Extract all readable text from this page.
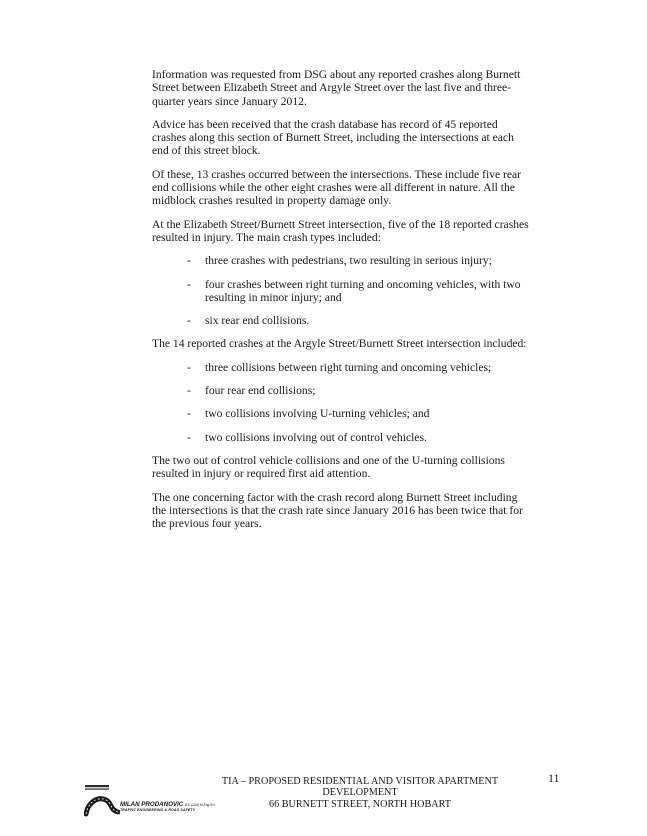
Information was requested from DSG about any reported crashes along Burnett Street between Elizabeth Street and Argyle Street over the last five and three-quarter years since January 2012.

Advice has been received that the crash database has record of 45 reported crashes along this section of Burnett Street, including the intersections at each end of this street block.

Of these, 13 crashes occurred between the intersections. These include five rear end collisions while the other eight crashes were all different in nature. All the midblock crashes resulted in property damage only.

At the Elizabeth Street/Burnett Street intersection, five of the 18 reported crashes resulted in injury. The main crash types included:

- three crashes with pedestrians, two resulting in serious injury;
- four crashes between right turning and oncoming vehicles, with two resulting in minor injury; and
- six rear end collisions.

The 14 reported crashes at the Argyle Street/Burnett Street intersection included:

- three collisions between right turning and oncoming vehicles;
- four rear end collisions;
- two collisions involving U-turning vehicles; and
- two collisions involving out of control vehicles.

The two out of control vehicle collisions and one of the U-turning collisions resulted in injury or required first aid attention.

The one concerning factor with the crash record along Burnett Street including the intersections is that the crash rate since January 2016 has been twice that for the previous four years.

MILAN PRODANOVIC B.E.(Civil) M.Eng.Sci.
TRAFFIC ENGINEERING & ROAD SAFETY
TIA – PROPOSED RESIDENTIAL AND VISITOR APARTMENT
DEVELOPMENT
66 BURNETT STREET, NORTH HOBART
11
